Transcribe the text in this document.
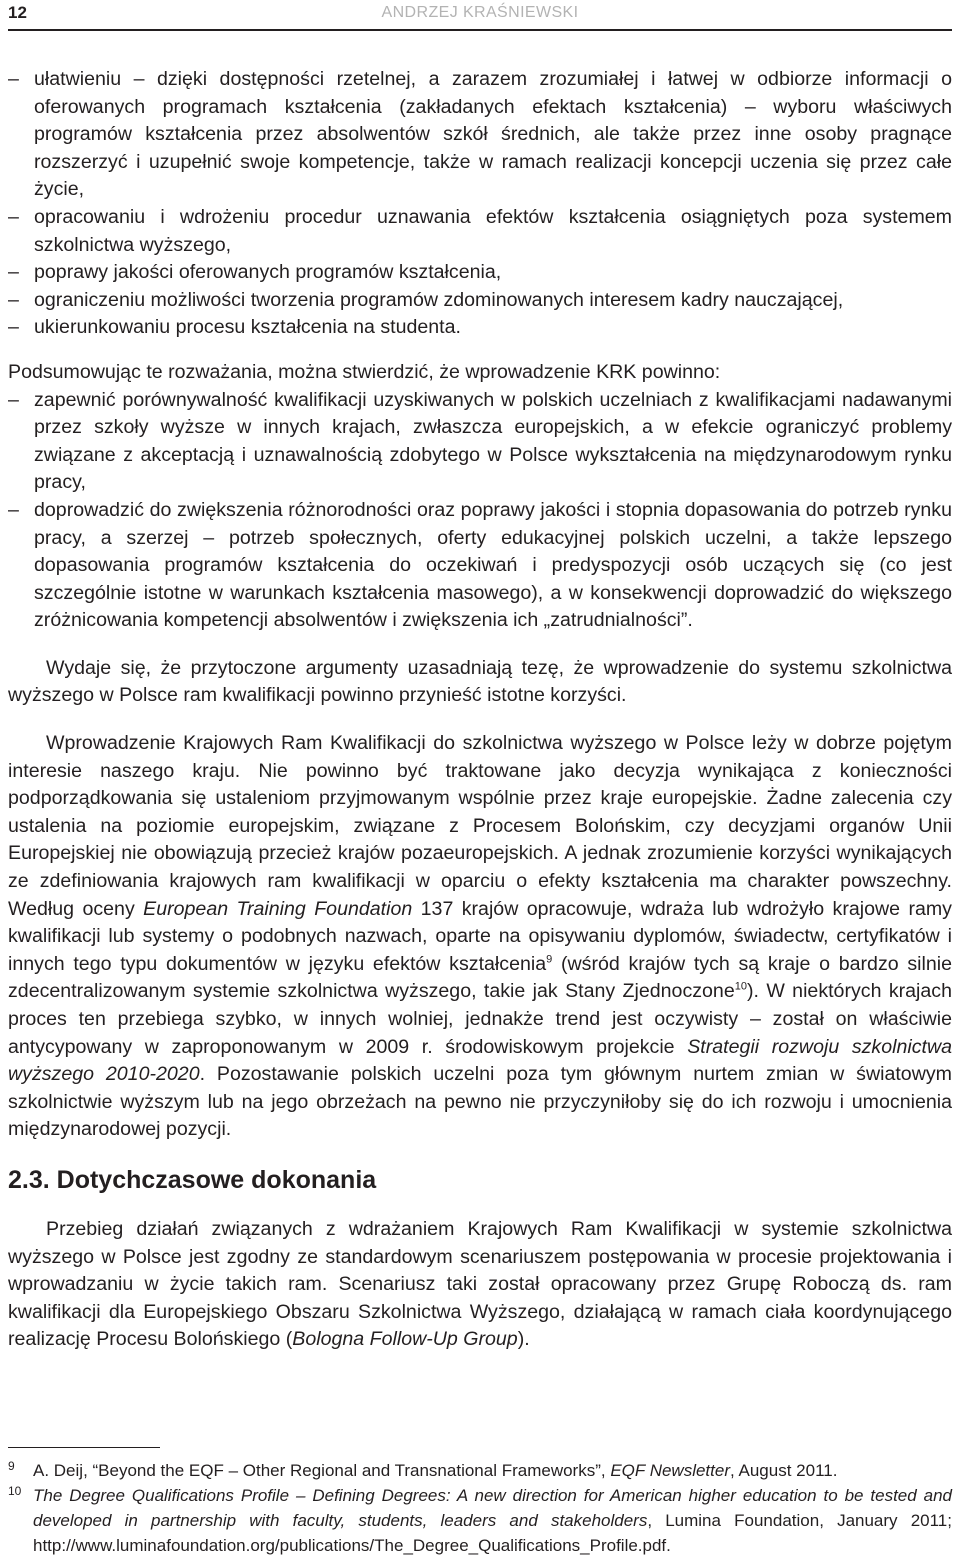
12	ANDRZEJ KRAŚNIEWSKI
– ułatwieniu – dzięki dostępności rzetelnej, a zarazem zrozumiałej i łatwej w odbiorze informacji o oferowanych programach kształcenia (zakładanych efektach kształcenia) – wyboru właściwych programów kształcenia przez absolwentów szkół średnich, ale także przez inne osoby pragnące rozszerzyć i uzupełnić swoje kompetencje, także w ramach realizacji koncepcji uczenia się przez całe życie,
– opracowaniu i wdrożeniu procedur uznawania efektów kształcenia osiągniętych poza systemem szkolnictwa wyższego,
– poprawy jakości oferowanych programów kształcenia,
– ograniczeniu możliwości tworzenia programów zdominowanych interesem kadry nauczającej,
– ukierunkowaniu procesu kształcenia na studenta.

Podsumowując te rozważania, można stwierdzić, że wprowadzenie KRK powinno:

– zapewnić porównywalność kwalifikacji uzyskiwanych w polskich uczelniach z kwalifikacjami nadawanymi przez szkoły wyższe w innych krajach, zwłaszcza europejskich, a w efekcie ograniczyć problemy związane z akceptacją i uznawalnością zdobytego w Polsce wykształcenia na międzynarodowym rynku pracy,
– doprowadzić do zwiększenia różnorodności oraz poprawy jakości i stopnia dopasowania do potrzeb rynku pracy, a szerzej – potrzeb społecznych, oferty edukacyjnej polskich uczelni, a także lepszego dopasowania programów kształcenia do oczekiwań i predyspozycji osób uczących się (co jest szczególnie istotne w warunkach kształcenia masowego), a w konsekwencji doprowadzić do większego zróżnicowania kompetencji absolwentów i zwiększenia ich „zatrudnialności”.

Wydaje się, że przytoczone argumenty uzasadniają tezę, że wprowadzenie do systemu szkolnictwa wyższego w Polsce ram kwalifikacji powinno przynieść istotne korzyści.

Wprowadzenie Krajowych Ram Kwalifikacji do szkolnictwa wyższego w Polsce leży w dobrze pojętym interesie naszego kraju. Nie powinno być traktowane jako decyzja wynikająca z konieczności podporządkowania się ustaleniom przyjmowanym wspólnie przez kraje europejskie. Żadne zalecenia czy ustalenia na poziomie europejskim, związane z Procesem Bolońskim, czy decyzjami organów Unii Europejskiej nie obowiązują przecież krajów pozaeuropejskich. A jednak zrozumienie korzyści wynikających ze zdefiniowania krajowych ram kwalifikacji w oparciu o efekty kształcenia ma charakter powszechny. Według oceny European Training Foundation 137 krajów opracowuje, wdraża lub wdrożyło krajowe ramy kwalifikacji lub systemy o podobnych nazwach, oparte na opisywaniu dyplomów, świadectw, certyfikatów i innych tego typu dokumentów w języku efektów kształcenia$^9$ (wśród krajów tych są kraje o bardzo silnie zdecentralizowanym systemie szkolnictwa wyższego, takie jak Stany Zjednoczone$^{10}$). W niektórych krajach proces ten przebiega szybko, w innych wolniej, jednakże trend jest oczywisty – został on właściwie antycypowany w zaproponowanym w 2009 r. środowiskowym projekcie Strategii rozwoju szkolnictwa wyższego 2010-2020. Pozostawanie polskich uczelni poza tym głównym nurtem zmian w światowym szkolnictwie wyższym lub na jego obrzeżach na pewno nie przyczyniłoby się do ich rozwoju i umocnienia międzynarodowej pozycji.

2.3. Dotychczasowe dokonania

Przebieg działań związanych z wdrażaniem Krajowych Ram Kwalifikacji w systemie szkolnictwa wyższego w Polsce jest zgodny ze standardowym scenariuszem postępowania w procesie projektowania i wprowadzaniu w życie takich ram. Scenariusz taki został opracowany przez Grupę Roboczą ds. ram kwalifikacji dla Europejskiego Obszaru Szkolnictwa Wyższego, działającą w ramach ciała koordynującego realizację Procesu Bolońskiego (Bologna Follow-Up Group).

9 A. Deij, “Beyond the EQF – Other Regional and Transnational Frameworks”, EQF Newsletter, August 2011.
10 The Degree Qualifications Profile – Defining Degrees: A new direction for American higher education to be tested and developed in partnership with faculty, students, leaders and stakeholders, Lumina Foundation, January 2011; http://www.luminafoundation.org/publications/The_Degree_Qualifications_Profile.pdf.
